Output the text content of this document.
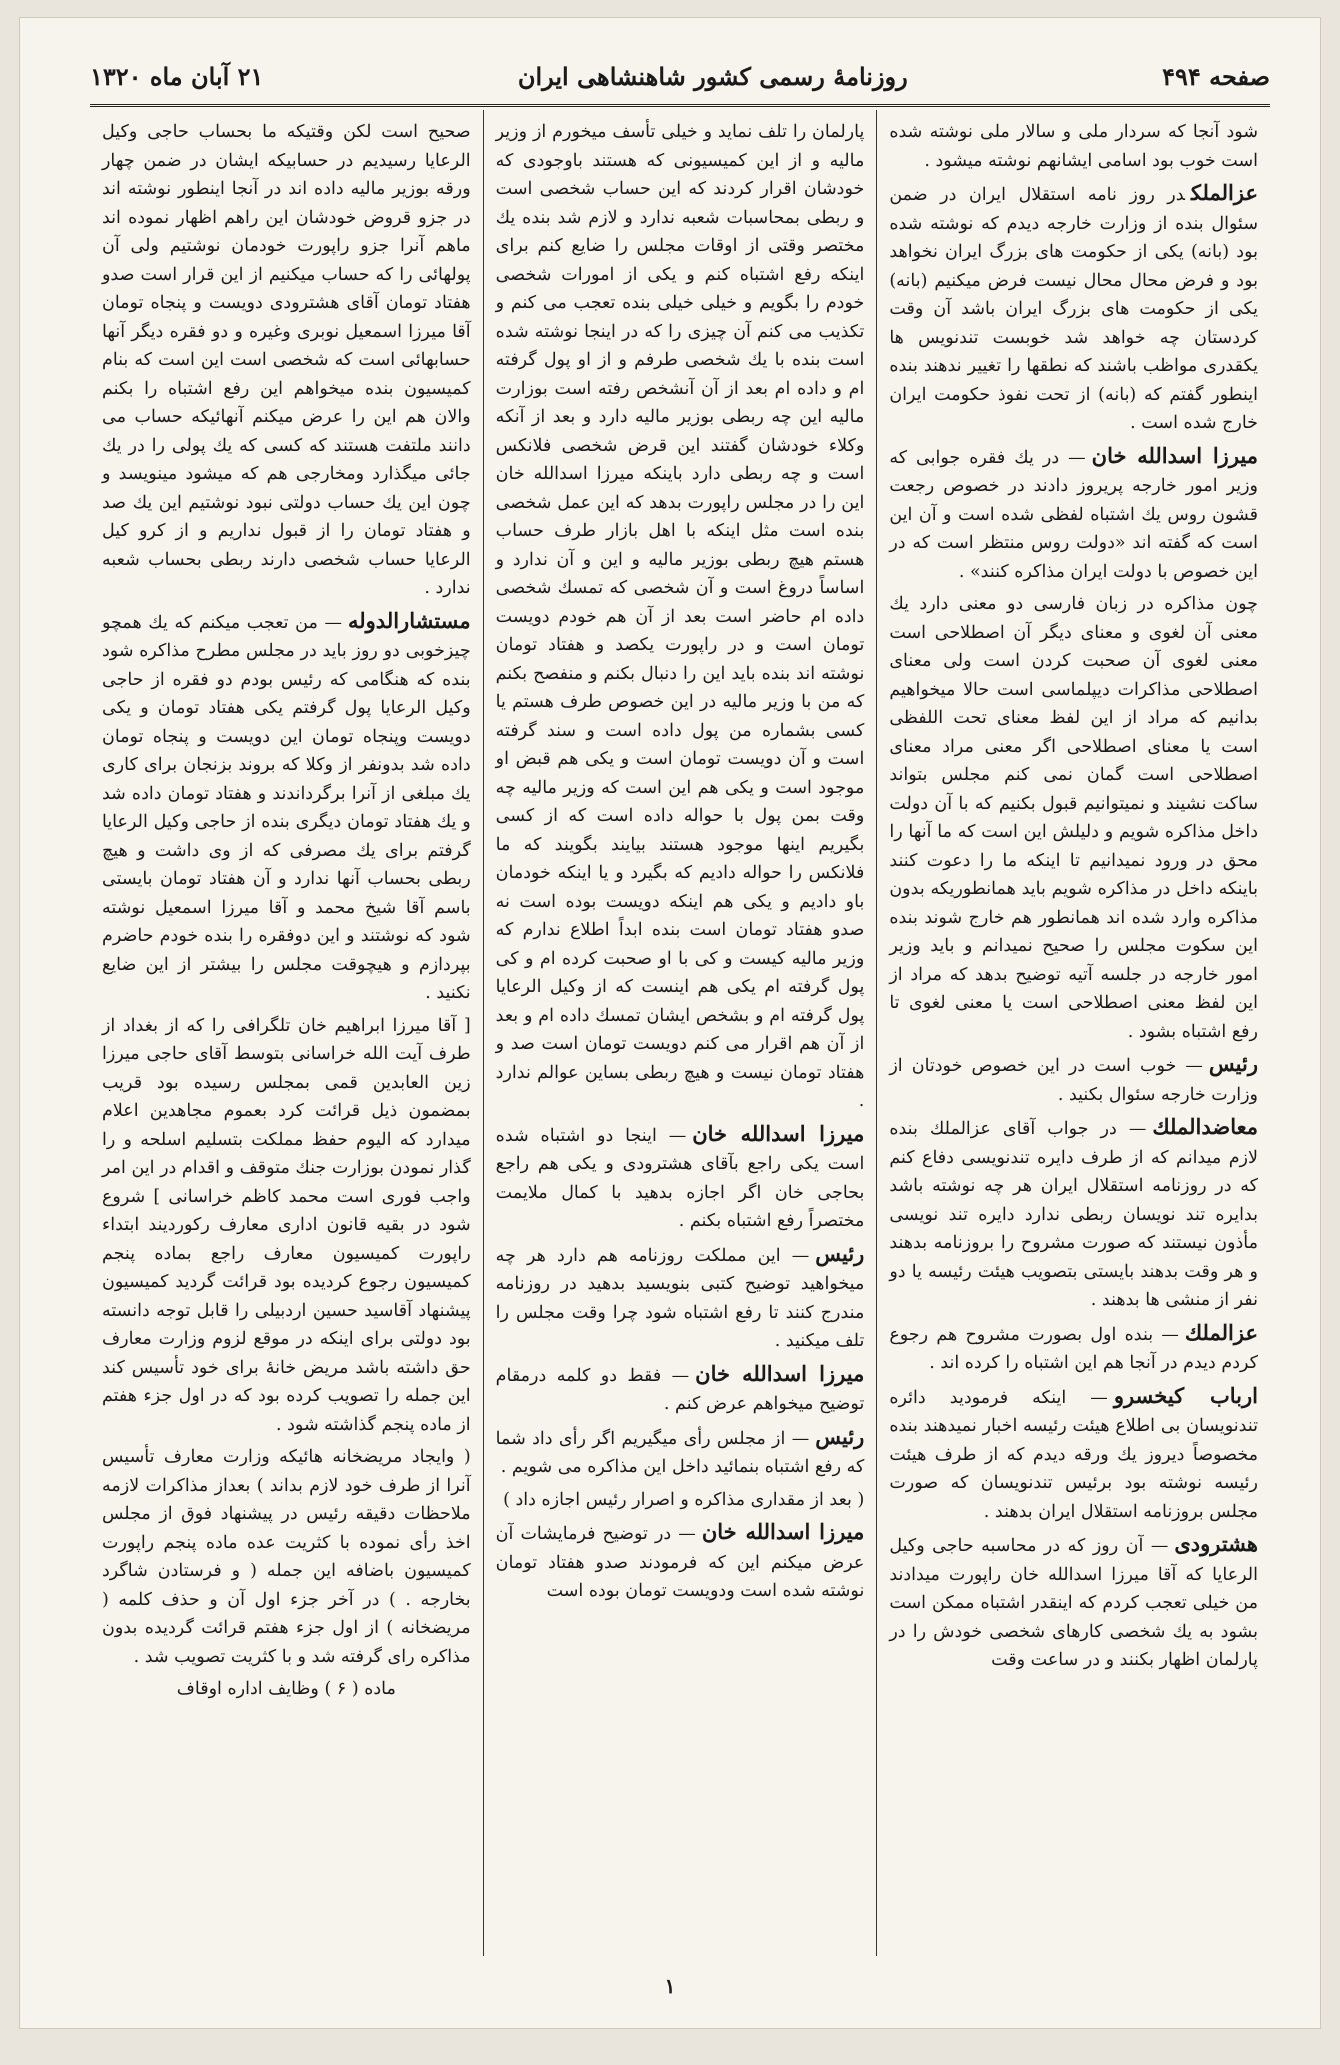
صفحه ۴۹۴
روزنامهٔ رسمی کشور شاهنشاهی ایران
۲۱ آبان ماه ۱۳۲۰

شود آنجا که سردار ملی و سالار ملی نوشته شده است خوب بود اسامی ایشانهم نوشته میشود .

عزالملكدر روز نامه استقلال ایران در ضمن سئوال بنده از وزارت خارجه دیدم که نوشته شده بود (بانه) یکی از حکومت های بزرگ ایران نخواهد بود و فرض محال محال نیست فرض میکنیم (بانه) یکی از حکومت های بزرگ ایران باشد آن وقت کردستان چه خواهد شد خوبست تندنویس ها یکقدری مواظب باشند که نطقها را تغییر ندهند بنده اینطور گفتم که (بانه) از تحت نفوذ حکومت ایران خارج شده است .

میرزا اسدالله خان— در یك فقره جوابی که وزیر امور خارجه پریروز دادند در خصوص رجعت قشون روس یك اشتباه لفظی شده است و آن این است که گفته اند «دولت روس منتظر است که در این خصوص با دولت ایران مذاکره کنند» .

چون مذاکره در زبان فارسی دو معنی دارد یك معنی آن لغوی و معنای دیگر آن اصطلاحی است معنی لغوی آن صحبت کردن است ولی معنای اصطلاحی مذاکرات دیپلماسی است حالا میخواهیم بدانیم که مراد از این لفظ معنای تحت اللفظی است یا معنای اصطلاحی اگر معنی مراد معنای اصطلاحی است گمان نمی کنم مجلس بتواند ساکت نشیند و نمیتوانیم قبول بکنیم که با آن دولت داخل مذاکره شویم و دلیلش این است که ما آنها را محق در ورود نمیدانیم تا اینکه ما را دعوت کنند باینکه داخل در مذاکره شویم باید همانطوریکه بدون مذاکره وارد شده اند همانطور هم خارج شوند بنده این سکوت مجلس را صحیح نمیدانم و باید وزیر امور خارجه در جلسه آتیه توضیح بدهد که مراد از این لفظ معنی اصطلاحی است یا معنی لغوی تا رفع اشتباه بشود .

رئیس— خوب است در این خصوص خودتان از وزارت خارجه سئوال بکنید .

معاضدالملك— در جواب آقای عزالملك بنده لازم میدانم که از طرف دایره تندنویسی دفاع کنم که در روزنامه استقلال ایران هر چه نوشته باشد بدایره تند نویسان ربطی ندارد دایره تند نویسی مأذون نیستند که صورت مشروح را بروزنامه بدهند و هر وقت بدهند بایستی بتصویب هیئت رئیسه یا دو نفر از منشی ها بدهند .

عزالملك— بنده اول بصورت مشروح هم رجوع کردم دیدم در آنجا هم این اشتباه را کرده اند .

ارباب کیخسرو— اینکه فرمودید دائره تندنویسان بی اطلاع هیئت رئیسه اخبار نمیدهند بنده مخصوصاً دیروز یك ورقه دیدم که از طرف هیئت رئیسه نوشته بود برئیس تندنویسان که صورت مجلس بروزنامه استقلال ایران بدهند .

هشترودی— آن روز که در محاسبه حاجی وکیل الرعایا که آقا میرزا اسدالله خان راپورت میدادند من خیلی تعجب کردم که اینقدر اشتباه ممکن است بشود به یك شخصی کارهای شخصی خودش را در پارلمان اظهار بکنند و در ساعت وقت

پارلمان را تلف نماید و خیلی تأسف میخورم از وزیر مالیه و از این کمیسیونی که هستند باوجودی که خودشان اقرار کردند که این حساب شخصی است و ربطی بمحاسبات شعبه ندارد و لازم شد بنده یك مختصر وقتی از اوقات مجلس را ضایع کنم برای اینکه رفع اشتباه کنم و یکی از امورات شخصی خودم را بگویم و خیلی خیلی بنده تعجب می کنم و تکذیب می کنم آن چیزی را که در اینجا نوشته شده است بنده با یك شخصی طرفم و از او پول گرفته ام و داده ام بعد از آن آنشخص رفته است بوزارت مالیه این چه ربطی بوزیر مالیه دارد و بعد از آنکه وکلاء خودشان گفتند این قرض شخصی فلانکس است و چه ربطی دارد باینکه میرزا اسدالله خان این را در مجلس راپورت بدهد که این عمل شخصی بنده است مثل اینکه با اهل بازار طرف حساب هستم هیچ ربطی بوزیر مالیه و این و آن ندارد و اساساً دروغ است و آن شخصی که تمسك شخصی داده ام حاضر است بعد از آن هم خودم دویست تومان است و در راپورت یکصد و هفتاد تومان نوشته اند بنده باید این را دنبال بکنم و منفصح بکنم که من با وزیر مالیه در این خصوص طرف هستم یا کسی بشماره من پول داده است و سند گرفته است و آن دویست تومان است و یکی هم قبض او موجود است و یکی هم این است که وزیر مالیه چه وقت بمن پول با حواله داده است که از کسی بگیریم اینها موجود هستند بیایند بگویند که ما فلانکس را حواله دادیم که بگیرد و یا اینکه خودمان باو دادیم و یکی هم اینکه دویست بوده است نه صدو هفتاد تومان است بنده ابداً اطلاع ندارم که وزیر مالیه کیست و کی با او صحبت کرده ام و کی پول گرفته ام یکی هم اینست که از وکیل الرعایا پول گرفته ام و بشخص ایشان تمسك داده ام و بعد از آن هم اقرار می کنم دویست تومان است صد و هفتاد تومان نیست و هیچ ربطی بساین عوالم ندارد .

میرزا اسدالله خان— اینجا دو اشتباه شده است یکی راجع بآقای هشترودی و یکی هم راجع بحاجی خان اگر اجازه بدهید با کمال ملایمت مختصراً رفع اشتباه بکنم .

رئیس— این مملکت روزنامه هم دارد هر چه میخواهید توضیح کتبی بنویسید بدهید در روزنامه مندرج کنند تا رفع اشتباه شود چرا وقت مجلس را تلف میکنید .

میرزا اسدالله خان— فقط دو کلمه درمقام توضیح میخواهم عرض کنم .

رئیس— از مجلس رأی میگیریم اگر رأی داد شما که رفع اشتباه بنمائید داخل این مذاکره می شویم .

( بعد از مقداری مذاکره و اصرار رئیس اجازه داد )

میرزا اسدالله خان— در توضیح فرمایشات آن عرض میکنم این که فرمودند صدو هفتاد تومان نوشته شده است ودویست تومان بوده است

صحیح است لکن وقتیکه ما بحساب حاجی وکیل الرعایا رسیدیم در حسابیکه ایشان در ضمن چهار ورقه بوزیر مالیه داده اند در آنجا اینطور نوشته اند در جزو قروض خودشان این راهم اظهار نموده اند ماهم آنرا جزو راپورت خودمان نوشتیم ولی آن پولهائی را که حساب میکنیم از این قرار است صدو هفتاد تومان آقای هشترودی دویست و پنجاه تومان آقا میرزا اسمعیل نوبری وغیره و دو فقره دیگر آنها حسابهائی است که شخصی است این است که بنام کمیسیون بنده میخواهم این رفع اشتباه را بکنم والان هم این را عرض میکنم آنهائیکه حساب می دانند ملتفت هستند که کسی که یك پولی را در یك جائی میگذارد ومخارجی هم که میشود مینویسد و چون این یك حساب دولتی نبود نوشتیم این یك صد و هفتاد تومان را از قبول نداریم و از کرو کیل الرعایا حساب شخصی دارند ربطی بحساب شعبه ندارد .

مستشارالدوله— من تعجب میکنم که یك همچو چیزخوبی دو روز باید در مجلس مطرح مذاکره شود بنده که هنگامی که رئیس بودم دو فقره از حاجی وکیل الرعایا پول گرفتم یکی هفتاد تومان و یکی دویست وپنجاه تومان این دویست و پنجاه تومان داده شد بدونفر از وکلا که بروند بزنجان برای کاری یك مبلغی از آنرا برگرداندند و هفتاد تومان داده شد و یك هفتاد تومان دیگری بنده از حاجی وکیل الرعایا گرفتم برای یك مصرفی که از وی داشت و هیچ ربطی بحساب آنها ندارد و آن هفتاد تومان بایستی باسم آقا شیخ محمد و آقا میرزا اسمعیل نوشته شود که نوشتند و این دوفقره را بنده خودم حاضرم بپردازم و هیچوقت مجلس را بیشتر از این ضایع نکنید .

[ آقا میرزا ابراهیم خان تلگرافی را که از بغداد از طرف آیت الله خراسانی بتوسط آقای حاجی میرزا زین العابدین قمی بمجلس رسیده بود قریب بمضمون ذیل قرائت کرد بعموم مجاهدین اعلام میدارد که الیوم حفظ مملکت بتسلیم اسلحه و را گذار نمودن بوزارت جنك متوقف و اقدام در این امر واجب فوری است محمد کاظم خراسانی ] شروع شود در بقیه قانون اداری معارف رکوردیند ابتداء راپورت کمیسیون معارف راجع بماده پنجم کمیسیون رجوع کردیده بود قرائت گردید کمیسیون پیشنهاد آقاسید حسین اردبیلی را قابل توجه دانسته بود دولتی برای اینکه در موقع لزوم وزارت معارف حق داشته باشد مریض خانهٔ برای خود تأسیس کند این جمله را تصویب کرده بود که در اول جزء هفتم از ماده پنجم گذاشته شود .

( وایجاد مریضخانه هائیکه وزارت معارف تأسیس آنرا از طرف خود لازم بداند ) بعداز مذاکرات لازمه ملاحظات دقیقه رئیس در پیشنهاد فوق از مجلس اخذ رأی نموده با کثریت عده ماده پنجم راپورت کمیسیون باضافه این جمله ( و فرستادن شاگرد بخارجه . ) در آخر جزء اول آن و حذف کلمه ( مریضخانه ) از اول جزء هفتم قرائت گردیده بدون مذاکره رای گرفته شد و با کثریت تصویب شد .

ماده ( ۶ ) وظایف اداره اوقاف

۱
